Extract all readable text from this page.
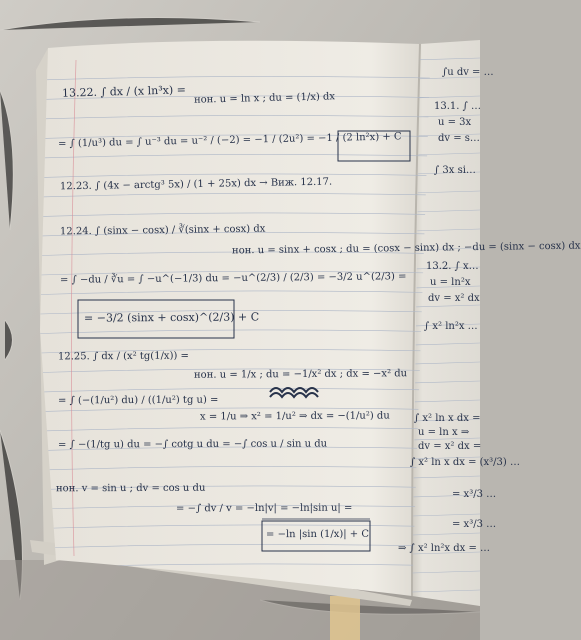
13.22. ∫ dx / (x ln³x) = нон. u = ln x ; du = (1/x) dx
= ∫ (1/u³) du = ∫ u⁻³ du = u⁻² / (−2) = −1 / (2u²) = −1 / (2 ln²x) + C
12.23. ∫ (4x − arctg³ 5x) / (1 + 25x) dx → Виж. 12.17.
12.24. ∫ (sinx − cosx) / ∛(sinx + cosx) dx
нон. u = sinx + cosx ; du = (cosx − sinx) dx ; −du = (sinx − cosx) dx
= ∫ −du / ∛u = ∫ −u^(−1/3) du = −u^(2/3) / (2/3) = −3/2 u^(2/3) =
= −3/2 (sinx + cosx)^(2/3) + C
12.25. ∫ dx / (x² tg(1/x)) =
нон. u = 1/x ; du = −1/x² dx ; dx = −x² du
= ∫ (−(1/u²) du) / ((1/u²) tg u) =
x = 1/u ⇒ x² = 1/u² ⇒ dx = −(1/u²) du
= ∫ −(1/tg u) du = −∫ cotg u du = −∫ cos u / sin u du
нон. v = sin u ; dv = cos u du
= −∫ dv / v = −ln|v| = −ln|sin u| =
= −ln |sin (1/x)| + C
∫u dv = …
13.1. ∫ …
u = 3x
dv = s…
∫ 3x si…
13.2. ∫ x…
u = ln²x
dv = x² dx
∫ x² ln²x …
∫ x² ln x dx =
u = ln x ⇒
dv = x² dx =
∫ x² ln x dx = (x³/3) …
= x³/3 …
= x³/3 …
⇒ ∫ x² ln²x dx = …
